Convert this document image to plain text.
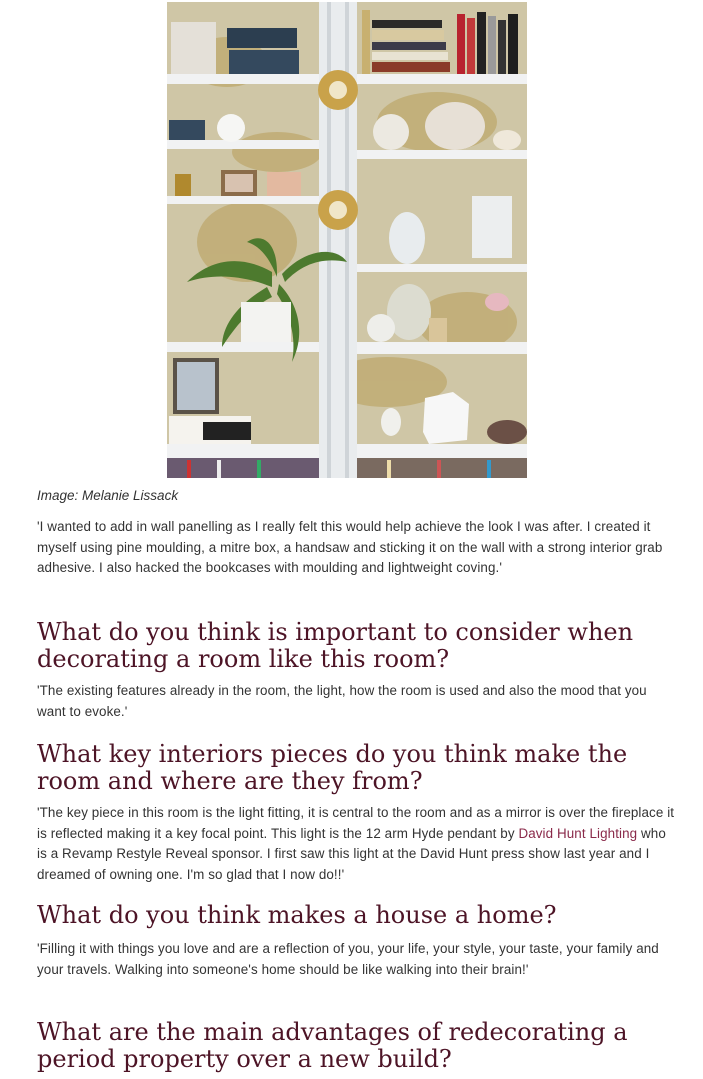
Image: Melanie Lissack

'I wanted to add in wall panelling as I really felt this would help achieve the look I was after. I created it myself using pine moulding, a mitre box, a handsaw and sticking it on the wall with a strong interior grab adhesive. I also hacked the bookcases with moulding and lightweight coving.'

What do you think is important to consider when decorating a room like this room?

'The existing features already in the room, the light, how the room is used and also the mood that you want to evoke.'

What key interiors pieces do you think make the room and where are they from?

'The key piece in this room is the light fitting, it is central to the room and as a mirror is over the fireplace it is reflected making it a key focal point. This light is the 12 arm Hyde pendant by David Hunt Lighting who is a Revamp Restyle Reveal sponsor. I first saw this light at the David Hunt press show last year and I dreamed of owning one. I'm so glad that I now do!!'

What do you think makes a house a home?

'Filling it with things you love and are a reflection of you, your life, your style, your taste, your family and your travels. Walking into someone's home should be like walking into their brain!'

What are the main advantages of redecorating a period property over a new build?
